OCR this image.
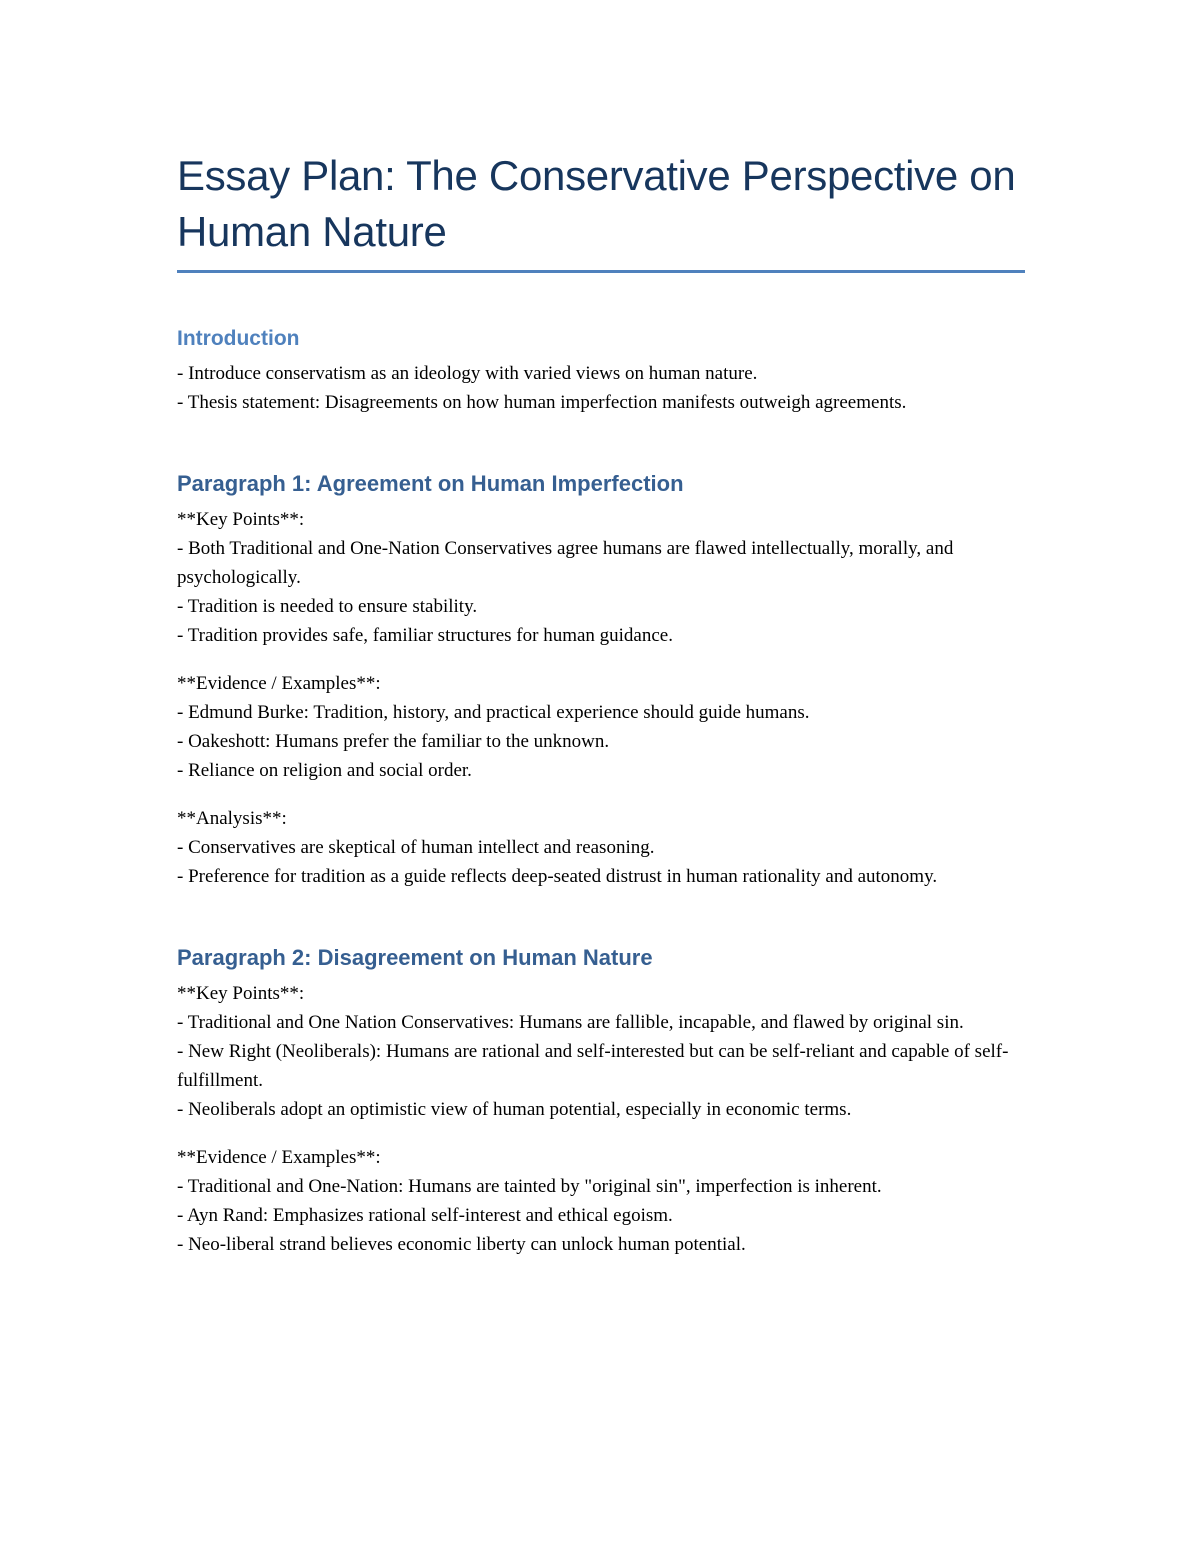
Essay Plan: The Conservative Perspective on Human Nature
Introduction

- Introduce conservatism as an ideology with varied views on human nature.

- Thesis statement: Disagreements on how human imperfection manifests outweigh agreements.

Paragraph 1: Agreement on Human Imperfection

**Key Points**:

- Both Traditional and One-Nation Conservatives agree humans are flawed intellectually, morally, and psychologically.

- Tradition is needed to ensure stability.

- Tradition provides safe, familiar structures for human guidance.

**Evidence / Examples**:

- Edmund Burke: Tradition, history, and practical experience should guide humans.

- Oakeshott: Humans prefer the familiar to the unknown.

- Reliance on religion and social order.

**Analysis**:

- Conservatives are skeptical of human intellect and reasoning.

- Preference for tradition as a guide reflects deep-seated distrust in human rationality and autonomy.

Paragraph 2: Disagreement on Human Nature

**Key Points**:

- Traditional and One Nation Conservatives: Humans are fallible, incapable, and flawed by original sin.

- New Right (Neoliberals): Humans are rational and self-interested but can be self-reliant and capable of self-fulfillment.

- Neoliberals adopt an optimistic view of human potential, especially in economic terms.

**Evidence / Examples**:

- Traditional and One-Nation: Humans are tainted by "original sin", imperfection is inherent.

- Ayn Rand: Emphasizes rational self-interest and ethical egoism.

- Neo-liberal strand believes economic liberty can unlock human potential.
